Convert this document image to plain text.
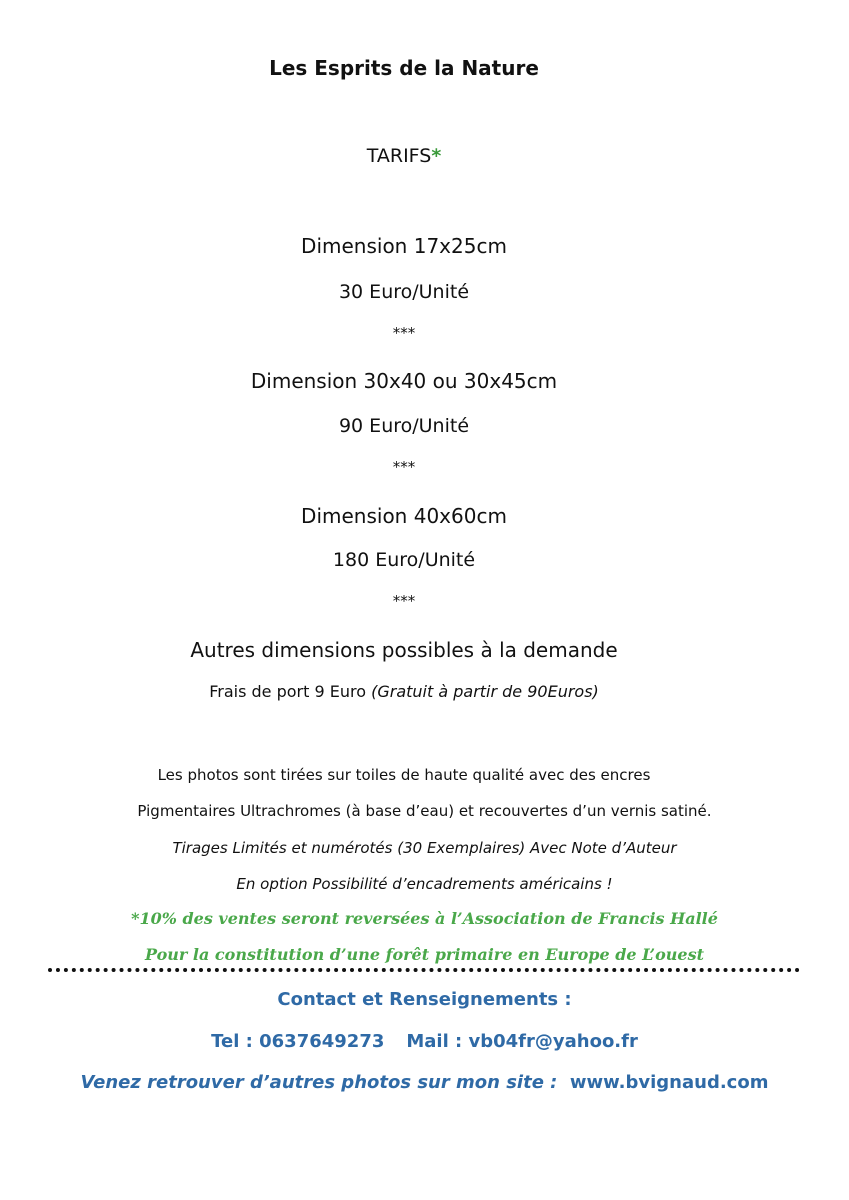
Les Esprits de la Nature
TARIFS*
Dimension 17x25cm
30 Euro/Unité
***
Dimension 30x40 ou 30x45cm
90 Euro/Unité
***
Dimension 40x60cm
180 Euro/Unité
***
Autres dimensions possibles à la demande
Frais de port 9 Euro (Gratuit à partir de 90Euros)
Les photos sont tirées sur toiles de haute qualité avec des encres
Pigmentaires Ultrachromes (à base d’eau) et recouvertes d’un vernis satiné.
Tirages Limités et numérotés (30 Exemplaires) Avec Note d’Auteur
En option Possibilité d’encadrements américains !
*10% des ventes seront reversées à l’Association de Francis Hallé
Pour la constitution d’une forêt primaire en Europe de L’ouest
Contact et Renseignements :
Tel : 0637649273 Mail : vb04fr@yahoo.fr
Venez retrouver d’autres photos sur mon site : www.bvignaud.com
